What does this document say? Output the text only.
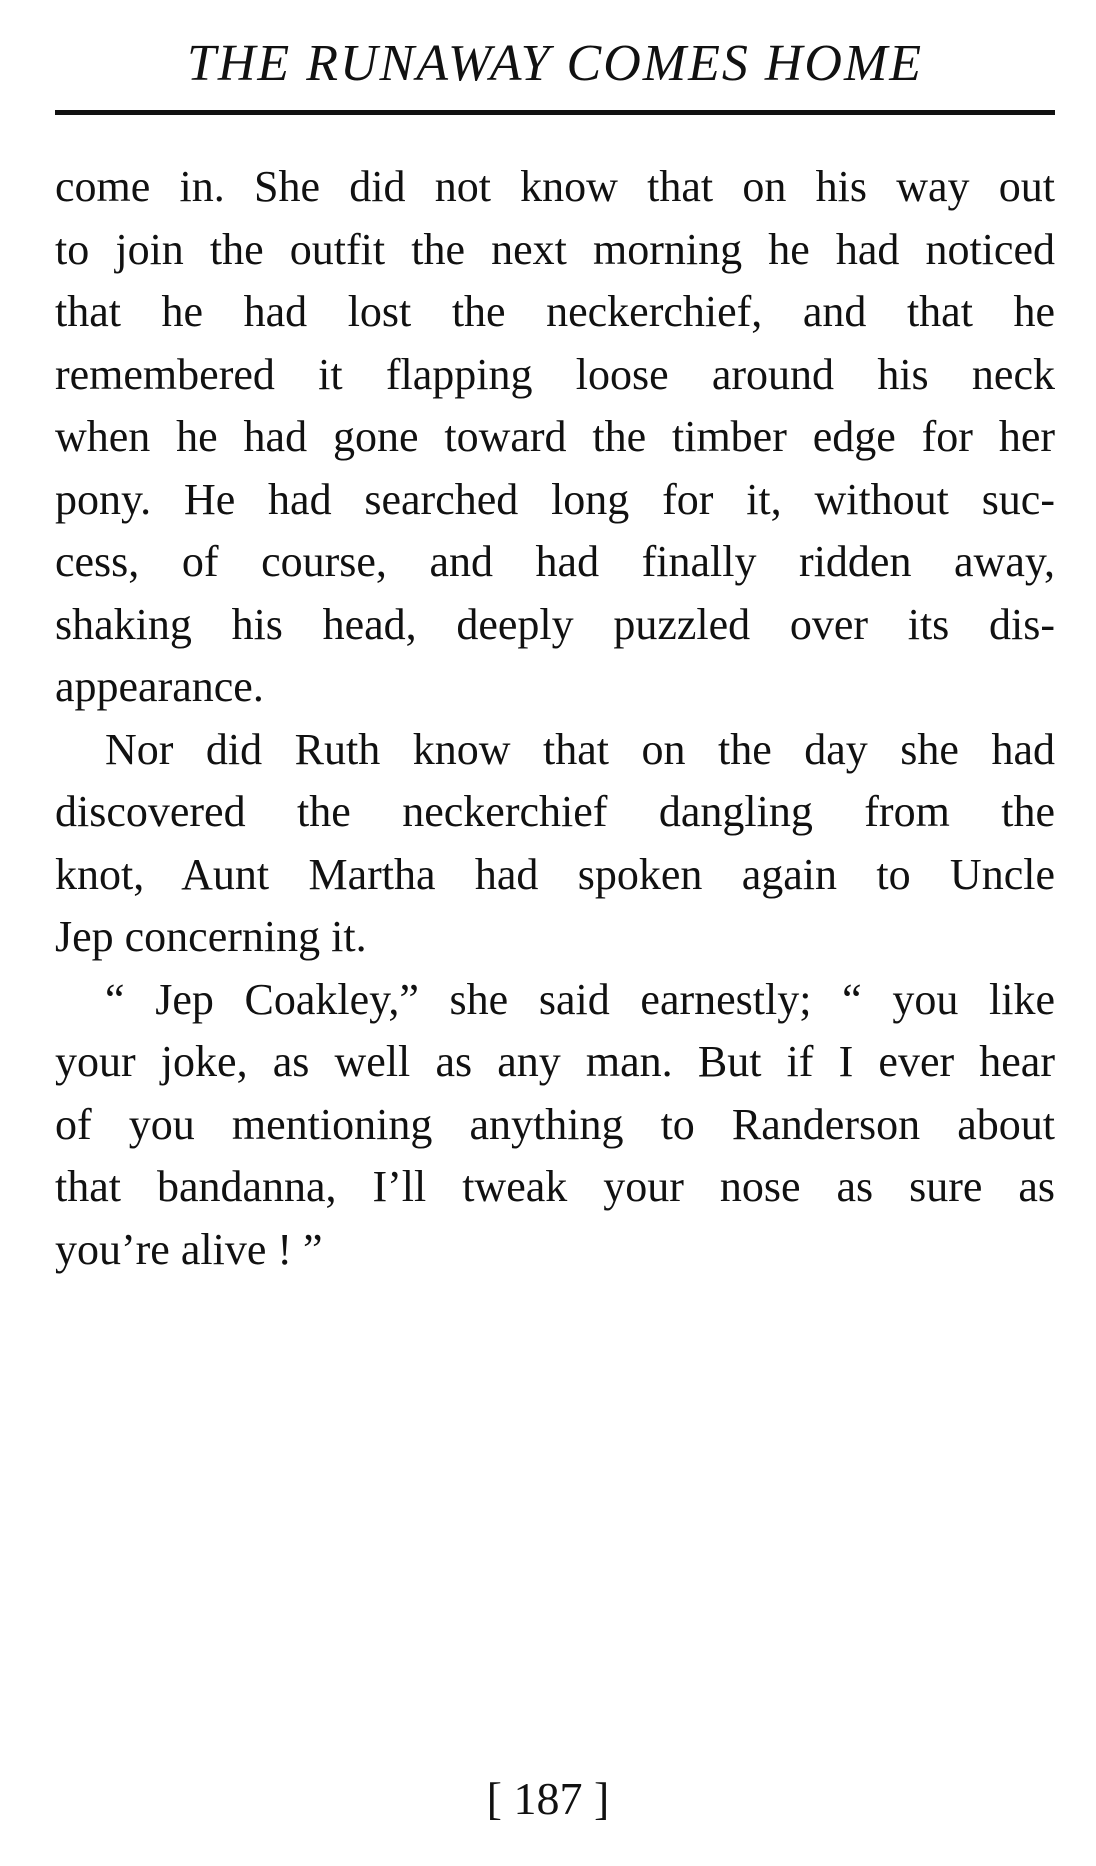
THE RUNAWAY COMES HOME
come in. She did not know that on his way out
to join the outfit the next morning he had noticed
that he had lost the neckerchief, and that he
remembered it flapping loose around his neck
when he had gone toward the timber edge for her
pony. He had searched long for it, without suc-
cess, of course, and had finally ridden away,
shaking his head, deeply puzzled over its dis-
appearance.
Nor did Ruth know that on the day she had
discovered the neckerchief dangling from the
knot, Aunt Martha had spoken again to Uncle
Jep concerning it.
“ Jep Coakley,” she said earnestly; “ you like
your joke, as well as any man. But if I ever hear
of you mentioning anything to Randerson about
that bandanna, I’ll tweak your nose as sure as
you’re alive ! ”
[ 187 ]
